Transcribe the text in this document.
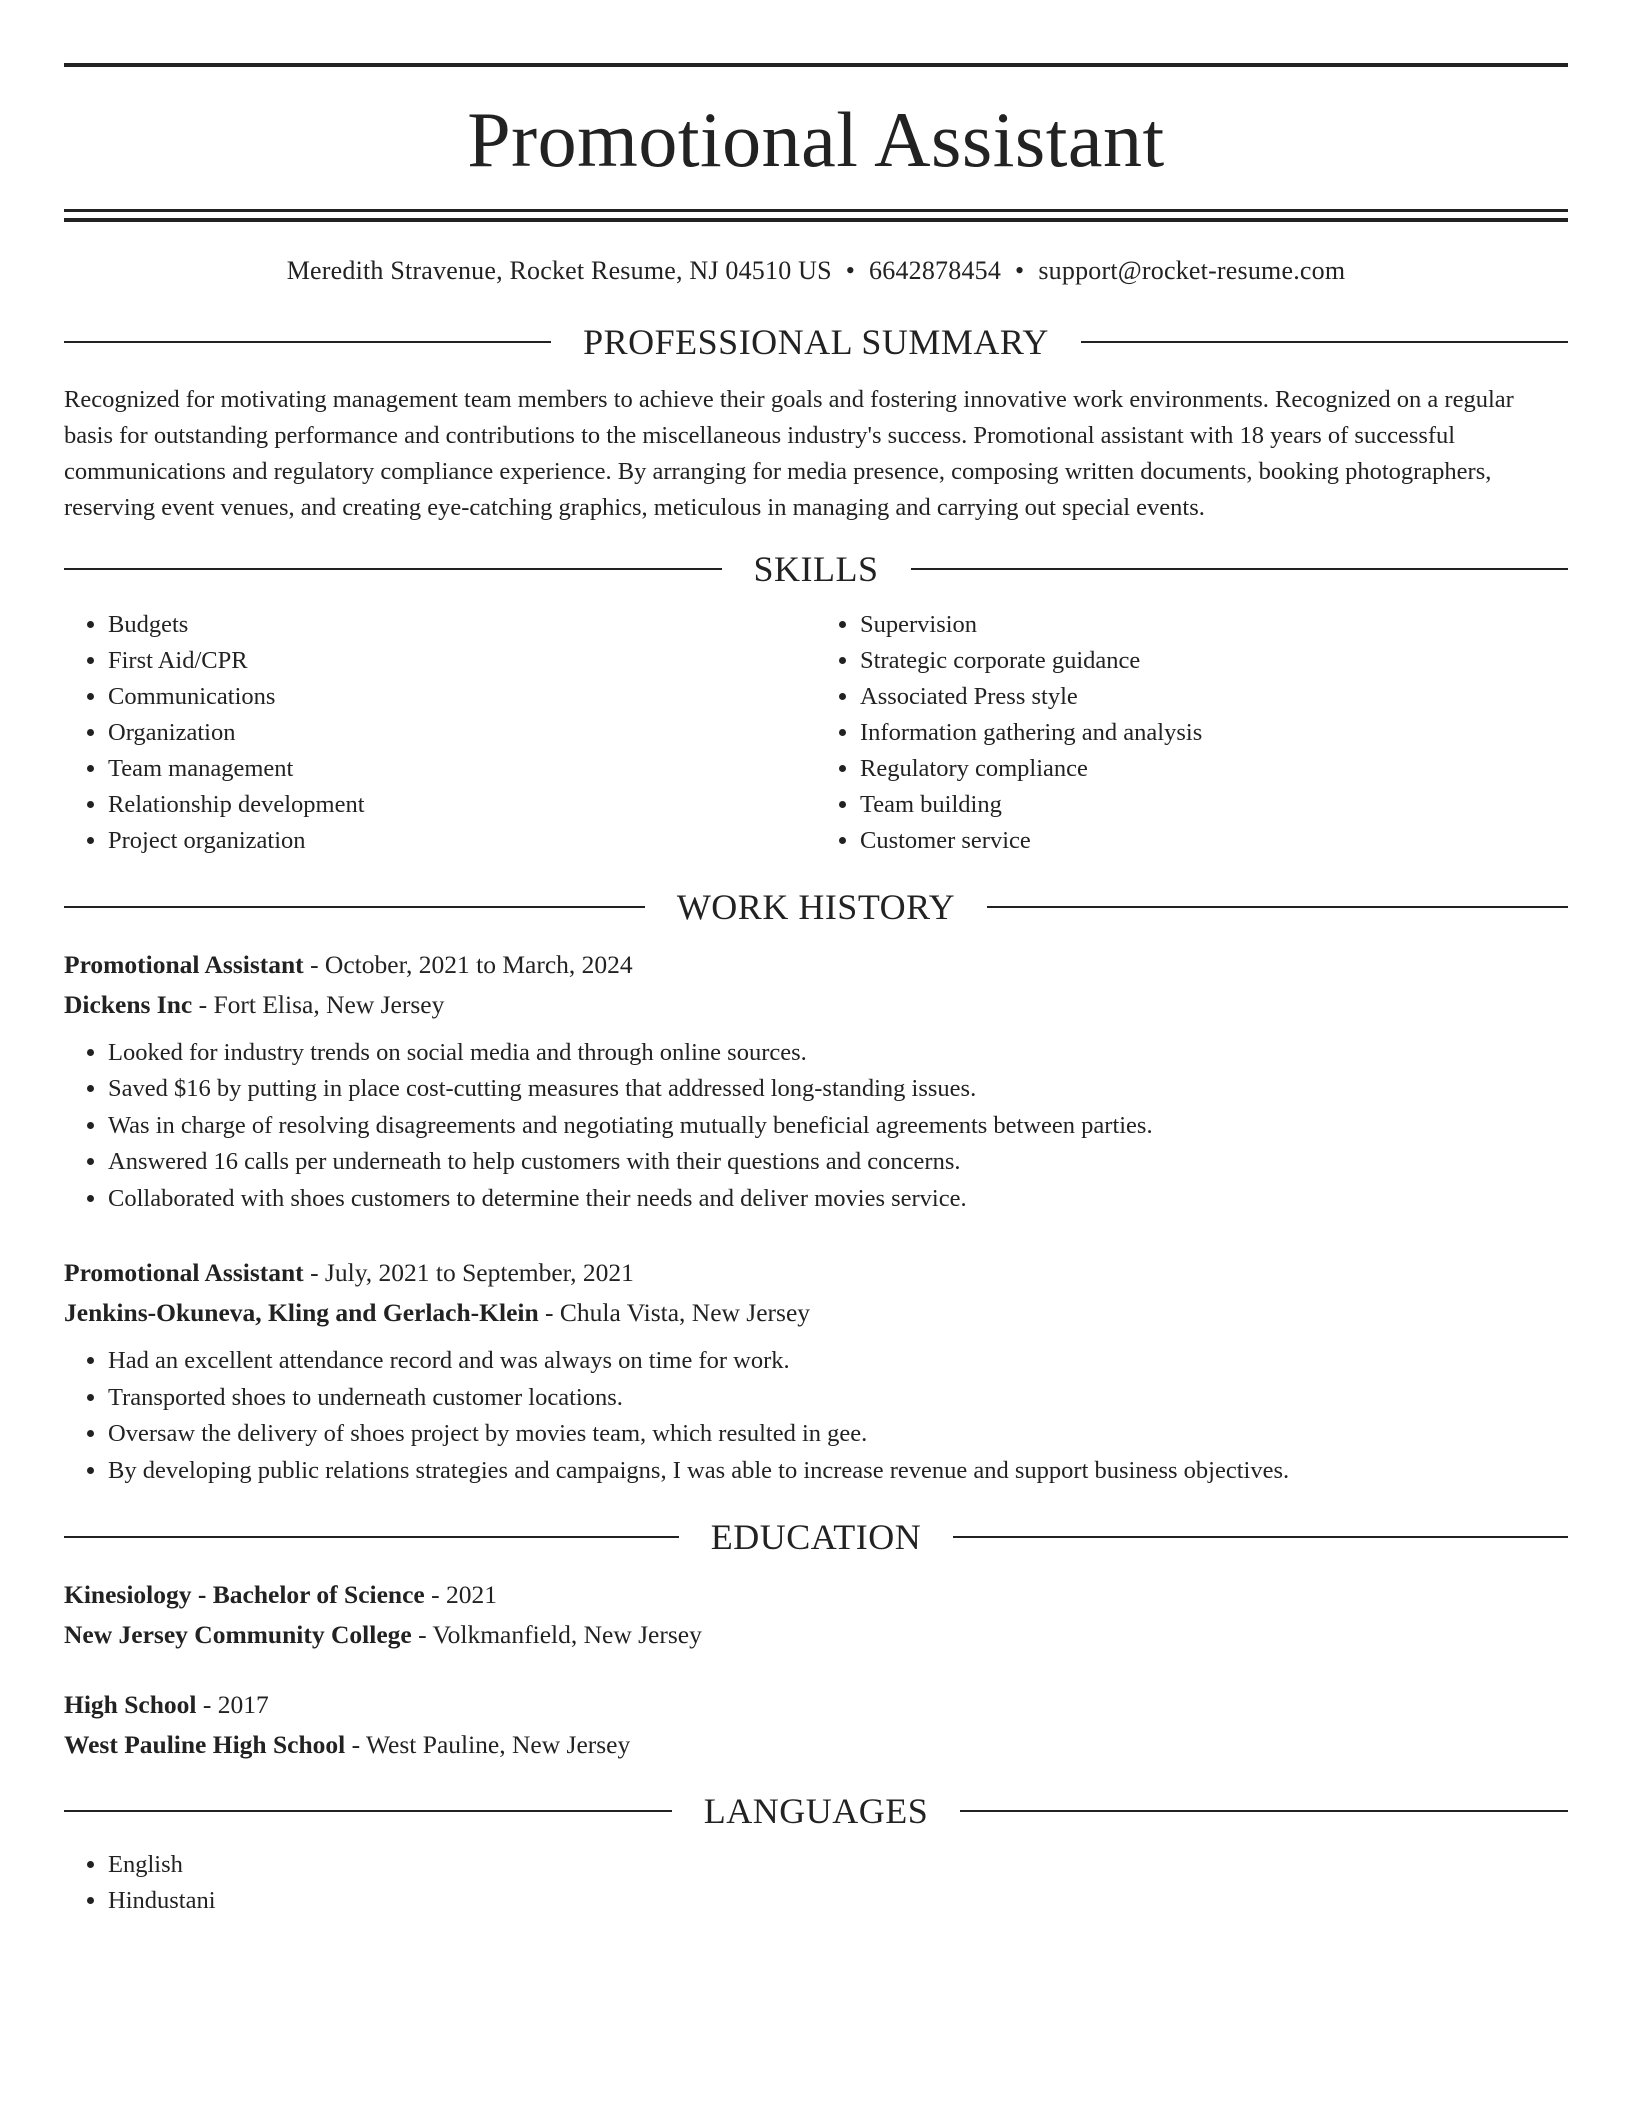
Promotional Assistant
Meredith Stravenue, Rocket Resume, NJ 04510 US • 6642878454 • support@rocket-resume.com
PROFESSIONAL SUMMARY

Recognized for motivating management team members to achieve their goals and fostering innovative work environments. Recognized on a regular basis for outstanding performance and contributions to the miscellaneous industry's success. Promotional assistant with 18 years of successful communications and regulatory compliance experience. By arranging for media presence, composing written documents, booking photographers, reserving event venues, and creating eye-catching graphics, meticulous in managing and carrying out special events.

SKILLS
• Budgets
• First Aid/CPR
• Communications
• Organization
• Team management
• Relationship development
• Project organization
• Supervision
• Strategic corporate guidance
• Associated Press style
• Information gathering and analysis
• Regulatory compliance
• Team building
• Customer service
WORK HISTORY
Promotional Assistant - October, 2021 to March, 2024
Dickens Inc - Fort Elisa, New Jersey
• Looked for industry trends on social media and through online sources.
• Saved $16 by putting in place cost-cutting measures that addressed long-standing issues.
• Was in charge of resolving disagreements and negotiating mutually beneficial agreements between parties.
• Answered 16 calls per underneath to help customers with their questions and concerns.
• Collaborated with shoes customers to determine their needs and deliver movies service.
Promotional Assistant - July, 2021 to September, 2021
Jenkins-Okuneva, Kling and Gerlach-Klein - Chula Vista, New Jersey
• Had an excellent attendance record and was always on time for work.
• Transported shoes to underneath customer locations.
• Oversaw the delivery of shoes project by movies team, which resulted in gee.
• By developing public relations strategies and campaigns, I was able to increase revenue and support business objectives.
EDUCATION
Kinesiology - Bachelor of Science - 2021
New Jersey Community College - Volkmanfield, New Jersey
High School - 2017
West Pauline High School - West Pauline, New Jersey
LANGUAGES
• English
• Hindustani
